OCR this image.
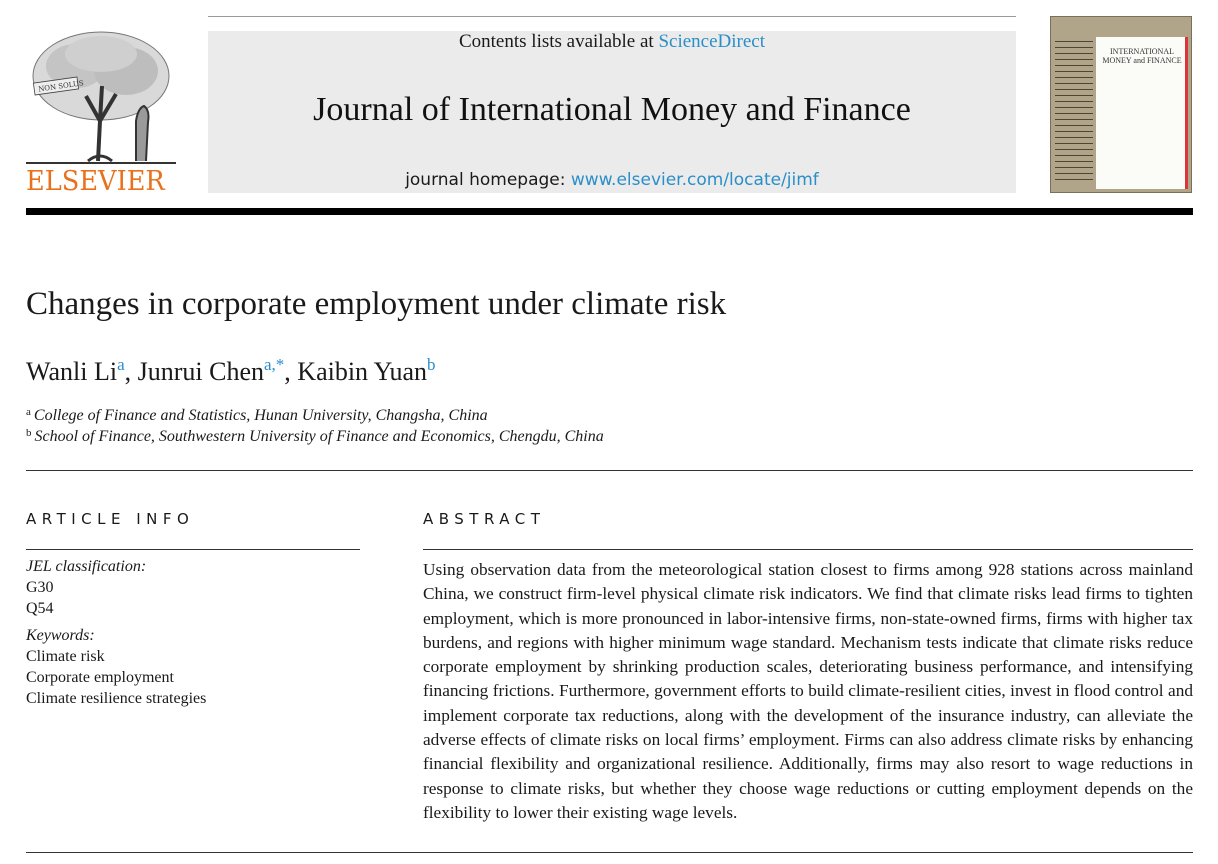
NON SOLUS
ELSEVIER
Contents lists available at ScienceDirect
Journal of International Money and Finance
journal homepage: www.elsevier.com/locate/jimf
INTERNATIONAL MONEY and FINANCE
Changes in corporate employment under climate risk
Wanli Li$^a$, Junrui Chen$^{a,*}$, Kaibin Yuan$^b$
$^a$ College of Finance and Statistics, Hunan University, Changsha, China
$^b$ School of Finance, Southwestern University of Finance and Economics, Chengdu, China
ARTICLE INFO
JEL classification:
G30
Q54
Keywords:
Climate risk
Corporate employment
Climate resilience strategies
ABSTRACT
Using observation data from the meteorological station closest to firms among 928 stations across mainland China, we construct firm-level physical climate risk indicators. We find that climate risks lead firms to tighten employment, which is more pronounced in labor-intensive firms, non-state-owned firms, firms with higher tax burdens, and regions with higher minimum wage standard. Mechanism tests indicate that climate risks reduce corporate employment by shrinking production scales, deteriorating business performance, and intensifying financing frictions. Furthermore, government efforts to build climate-resilient cities, invest in flood control and implement corporate tax reductions, along with the development of the insurance industry, can alleviate the adverse effects of climate risks on local firms’ employment. Firms can also address climate risks by enhancing financial flexibility and organizational resilience. Additionally, firms may also resort to wage reductions in response to climate risks, but whether they choose wage reductions or cutting employment depends on the flexibility to lower their existing wage levels.
